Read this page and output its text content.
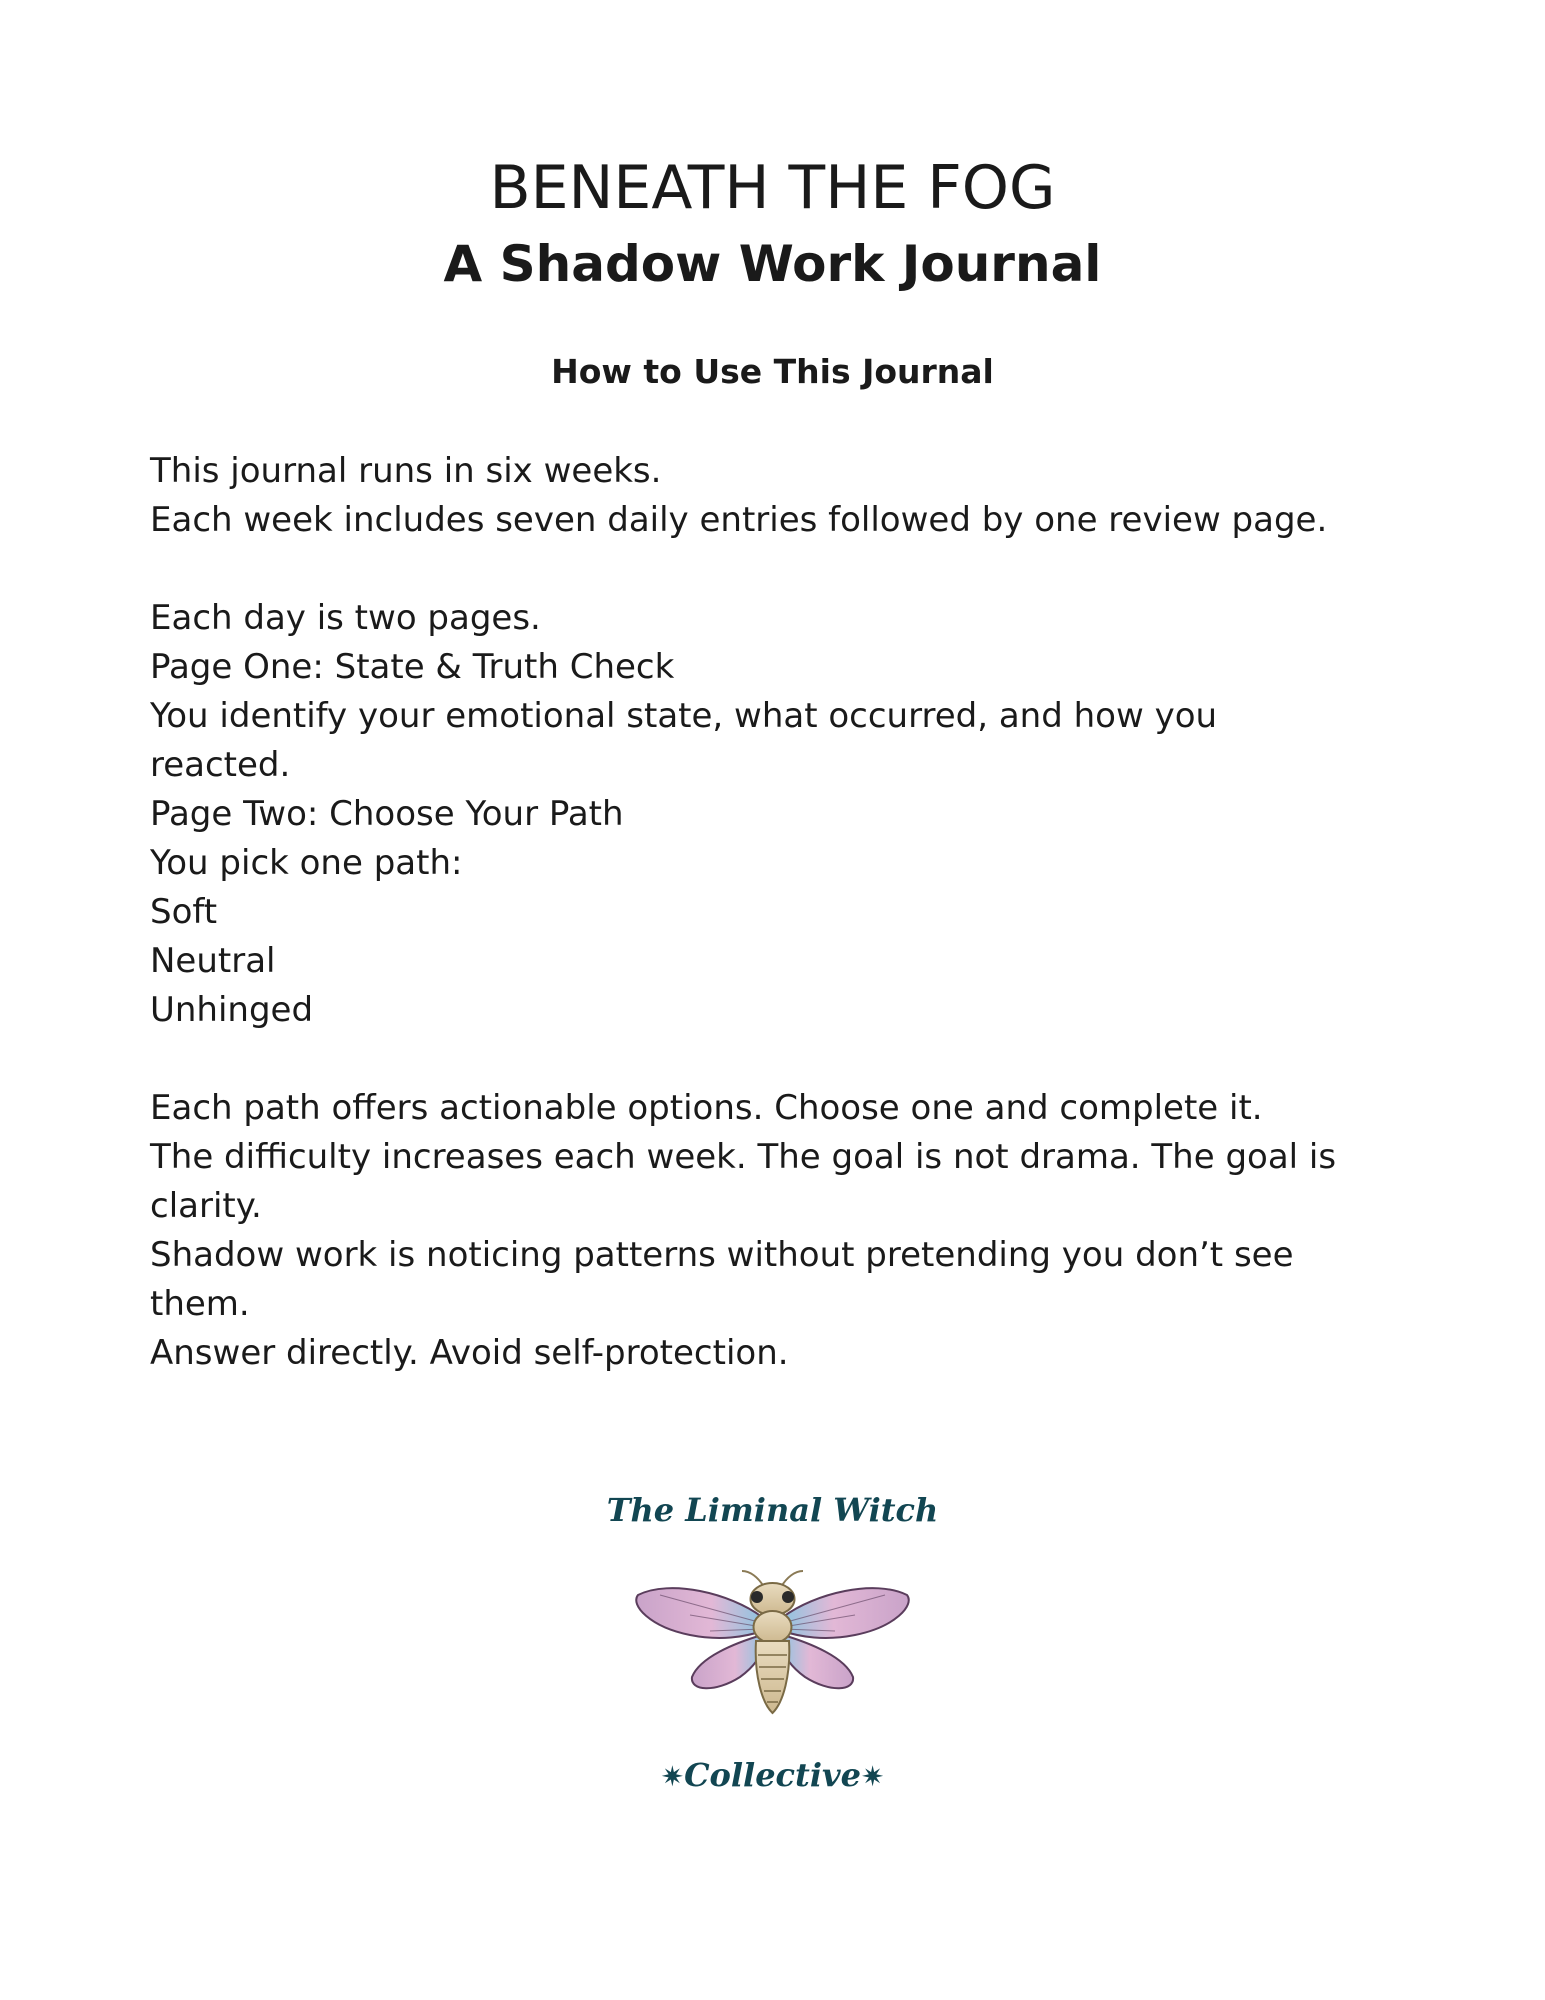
BENEATH THE FOG
A Shadow Work Journal
How to Use This Journal
This journal runs in six weeks.
Each week includes seven daily entries followed by one review page.
Each day is two pages.
Page One: State & Truth Check
You identify your emotional state, what occurred, and how you
reacted.
Page Two: Choose Your Path
You pick one path:
Soft
Neutral
Unhinged
Each path offers actionable options. Choose one and complete it.
The difficulty increases each week. The goal is not drama. The goal is
clarity.
Shadow work is noticing patterns without pretending you don’t see
them.
Answer directly. Avoid self-protection.
The Liminal Witch
✷Collective✷
